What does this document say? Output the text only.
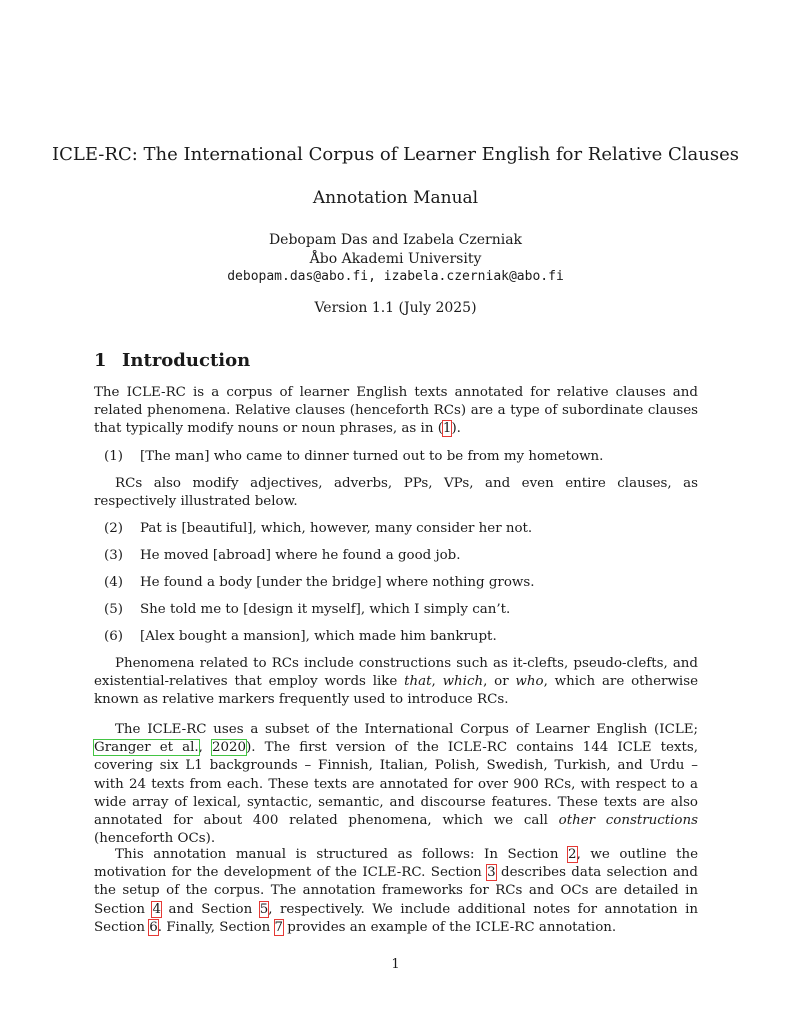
ICLE-RC: The International Corpus of Learner English for Relative Clauses
Annotation Manual
Debopam Das and Izabela Czerniak
Åbo Akademi University
debopam.das@abo.fi, izabela.czerniak@abo.fi
Version 1.1 (July 2025)
1 Introduction
The ICLE-RC is a corpus of learner English texts annotated for relative clauses and related phenomena. Relative clauses (henceforth RCs) are a type of subordinate clauses that typically modify nouns or noun phrases, as in (1).
(1) [The man] who came to dinner turned out to be from my hometown.
RCs also modify adjectives, adverbs, PPs, VPs, and even entire clauses, as respectively illustrated below.
(2) Pat is [beautiful], which, however, many consider her not.
(3) He moved [abroad] where he found a good job.
(4) He found a body [under the bridge] where nothing grows.
(5) She told me to [design it myself], which I simply can’t.
(6) [Alex bought a mansion], which made him bankrupt.
Phenomena related to RCs include constructions such as it-clefts, pseudo-clefts, and existential-relatives that employ words like that, which, or who, which are otherwise known as relative markers frequently used to introduce RCs.
The ICLE-RC uses a subset of the International Corpus of Learner English (ICLE; Granger et al., 2020). The first version of the ICLE-RC contains 144 ICLE texts, covering six L1 backgrounds – Finnish, Italian, Polish, Swedish, Turkish, and Urdu – with 24 texts from each. These texts are annotated for over 900 RCs, with respect to a wide array of lexical, syntactic, semantic, and discourse features. These texts are also annotated for about 400 related phenomena, which we call other constructions (henceforth OCs).
This annotation manual is structured as follows: In Section 2, we outline the motivation for the development of the ICLE-RC. Section 3 describes data selection and the setup of the corpus. The annotation frameworks for RCs and OCs are detailed in Section 4 and Section 5, respectively. We include additional notes for annotation in Section 6. Finally, Section 7 provides an example of the ICLE-RC annotation.
1
